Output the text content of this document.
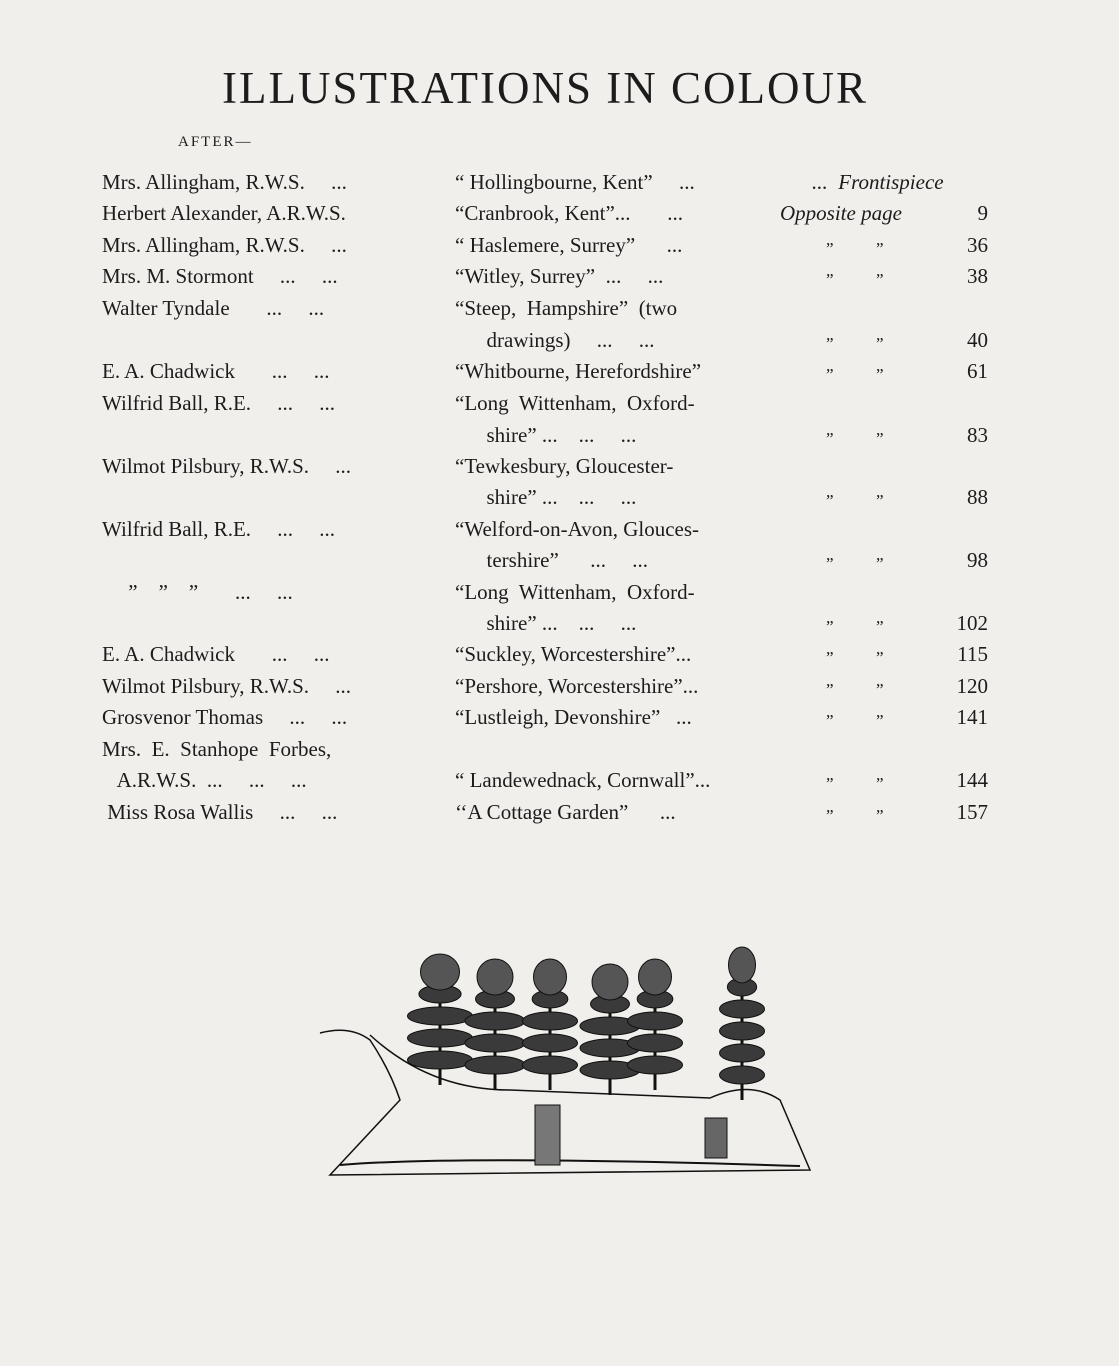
ILLUSTRATIONS IN COLOUR
AFTER—
Mrs. Allingham, R.W.S.     ...	“ Hollingbourne, Kent”     ...	...  Frontispiece
Herbert Alexander, A.R.W.S.	“Cranbrook, Kent”...       ...	Opposite page	9
Mrs. Allingham, R.W.S.     ...	“ Haslemere, Surrey”      ...	”          ”	36
Mrs. M. Stormont     ...     ...	“Witley, Surrey”  ...     ...	”          ”	38
Walter Tyndale       ...     ...	“Steep,  Hampshire”  (two
drawings)     ...     ...	”          ”	40
E. A. Chadwick       ...     ...	“Whitbourne, Herefordshire”	”          ”	61
Wilfrid Ball, R.E.     ...     ...	“Long  Wittenham,  Oxford-
shire” ...    ...     ...	”          ”	83
Wilmot Pilsbury, R.W.S.     ...	“Tewkesbury, Gloucester-
shire” ...    ...     ...	”          ”	88
Wilfrid Ball, R.E.     ...     ...	“Welford-on-Avon, Glouces-
tershire”      ...     ...	”          ”	98
”    ”    ”       ...     ...	“Long  Wittenham,  Oxford-
shire” ...    ...     ...	”          ”	102
E. A. Chadwick       ...     ...	“Suckley, Worcestershire”...	”          ”	115
Wilmot Pilsbury, R.W.S.     ...	“Pershore, Worcestershire”...	”          ”	120
Grosvenor Thomas     ...     ...	“Lustleigh, Devonshire”   ...	”          ”	141
Mrs.  E.  Stanhope  Forbes,
A.R.W.S.  ...     ...     ...	“ Landewednack, Cornwall”...	”          ”	144
Miss Rosa Wallis     ...     ...	‘‘A Cottage Garden”      ...	”          ”	157
